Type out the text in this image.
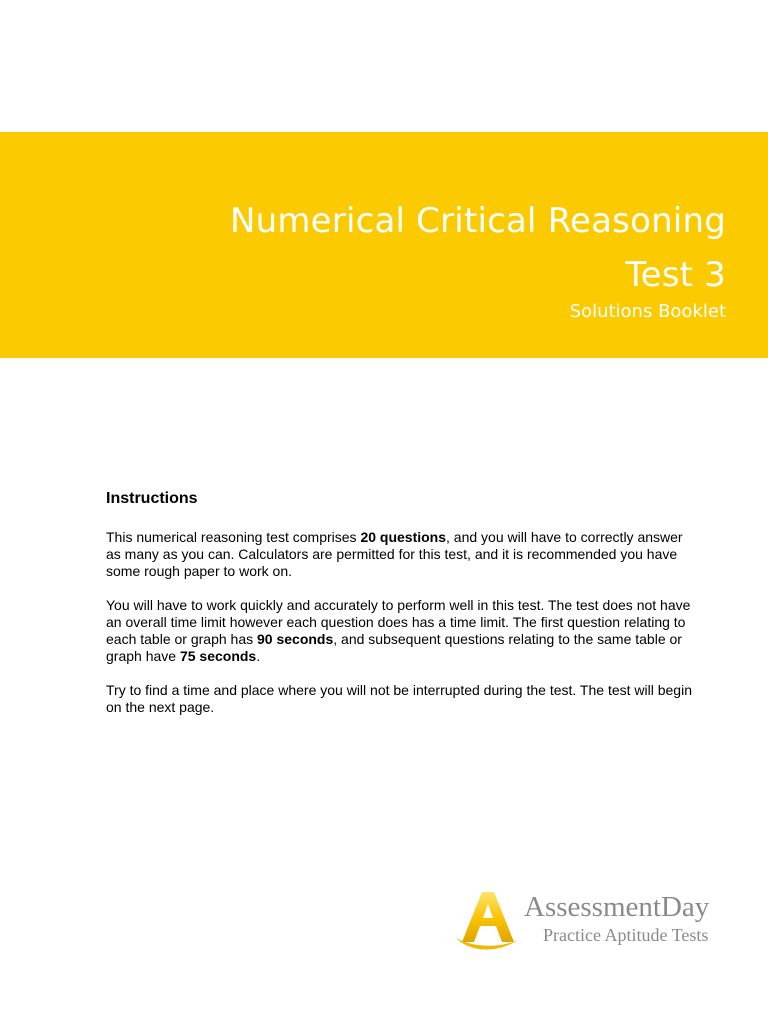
Numerical Critical Reasoning
Test 3
Solutions Booklet
Instructions

This numerical reasoning test comprises 20 questions, and you will have to correctly answer as many as you can. Calculators are permitted for this test, and it is recommended you have some rough paper to work on.

You will have to work quickly and accurately to perform well in this test. The test does not have an overall time limit however each question does has a time limit. The first question relating to each table or graph has 90 seconds, and subsequent questions relating to the same table or graph have 75 seconds.

Try to find a time and place where you will not be interrupted during the test. The test will begin on the next page.

AssessmentDay
Practice Aptitude Tests
